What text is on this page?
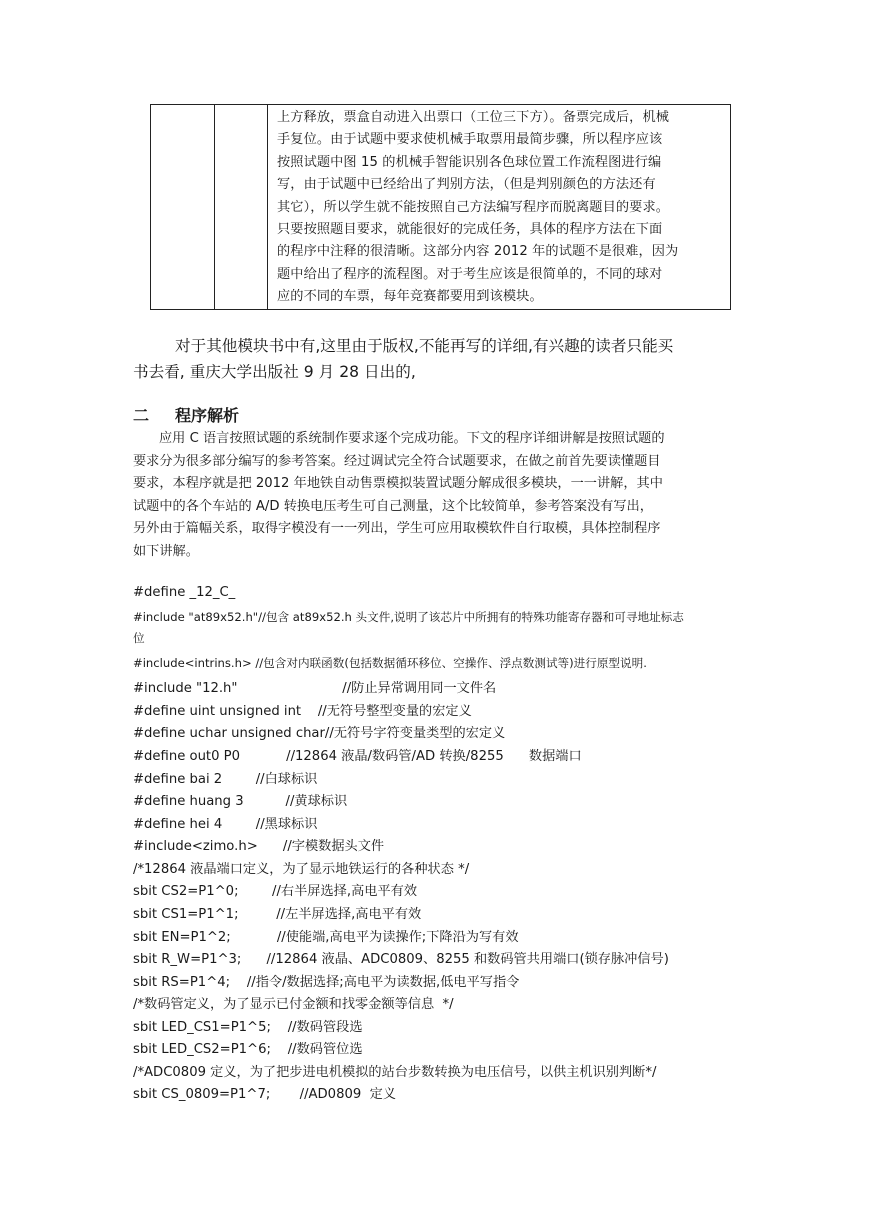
上方释放，票盒自动进入出票口（工位三下方）。备票完成后，机械
手复位。由于试题中要求使机械手取票用最简步骤，所以程序应该
按照试题中图 15 的机械手智能识别各色球位置工作流程图进行编
写，由于试题中已经给出了判别方法，（但是判别颜色的方法还有
其它），所以学生就不能按照自己方法编写程序而脱离题目的要求。
只要按照题目要求，就能很好的完成任务，具体的程序方法在下面
的程序中注释的很清晰。这部分内容 2012 年的试题不是很难，因为
题中给出了程序的流程图。对于考生应该是很简单的，不同的球对
应的不同的车票，每年竞赛都要用到该模块。
对于其他模块书中有,这里由于版权,不能再写的详细,有兴趣的读者只能买
书去看, 重庆大学出版社 9 月 28 日出的,
二 程序解析
应用 C 语言按照试题的系统制作要求逐个完成功能。下文的程序详细讲解是按照试题的
要求分为很多部分编写的参考答案。经过调试完全符合试题要求，在做之前首先要读懂题目
要求，本程序就是把 2012 年地铁自动售票模拟装置试题分解成很多模块，一一讲解，其中
试题中的各个车站的 A/D 转换电压考生可自己测量，这个比较简单，参考答案没有写出，
另外由于篇幅关系，取得字模没有一一列出，学生可应用取模软件自行取模，具体控制程序
如下讲解。
#define _12_C_
#include "at89x52.h"//包含 at89x52.h 头文件,说明了该芯片中所拥有的特殊功能寄存器和可寻地址标志
位
#include<intrins.h> //包含对内联函数(包括数据循环移位、空操作、浮点数测试等)进行原型说明.
#include "12.h"                         //防止异常调用同一文件名
#define uint unsigned int    //无符号整型变量的宏定义
#define uchar unsigned char//无符号字符变量类型的宏定义
#define out0 P0           //12864 液晶/数码管/AD 转换/8255      数据端口
#define bai 2        //白球标识
#define huang 3          //黄球标识
#define hei 4        //黑球标识
#include<zimo.h>      //字模数据头文件
/*12864 液晶端口定义，为了显示地铁运行的各种状态 */
sbit CS2=P1^0;        //右半屏选择,高电平有效
sbit CS1=P1^1;         //左半屏选择,高电平有效
sbit EN=P1^2;           //使能端,高电平为读操作;下降沿为写有效
sbit R_W=P1^3;      //12864 液晶、ADC0809、8255 和数码管共用端口(锁存脉冲信号)
sbit RS=P1^4;    //指令/数据选择;高电平为读数据,低电平写指令
/*数码管定义，为了显示已付金额和找零金额等信息  */
sbit LED_CS1=P1^5;    //数码管段选
sbit LED_CS2=P1^6;    //数码管位选
/*ADC0809 定义，为了把步进电机模拟的站台步数转换为电压信号，以供主机识别判断*/
sbit CS_0809=P1^7;       //AD0809  定义
